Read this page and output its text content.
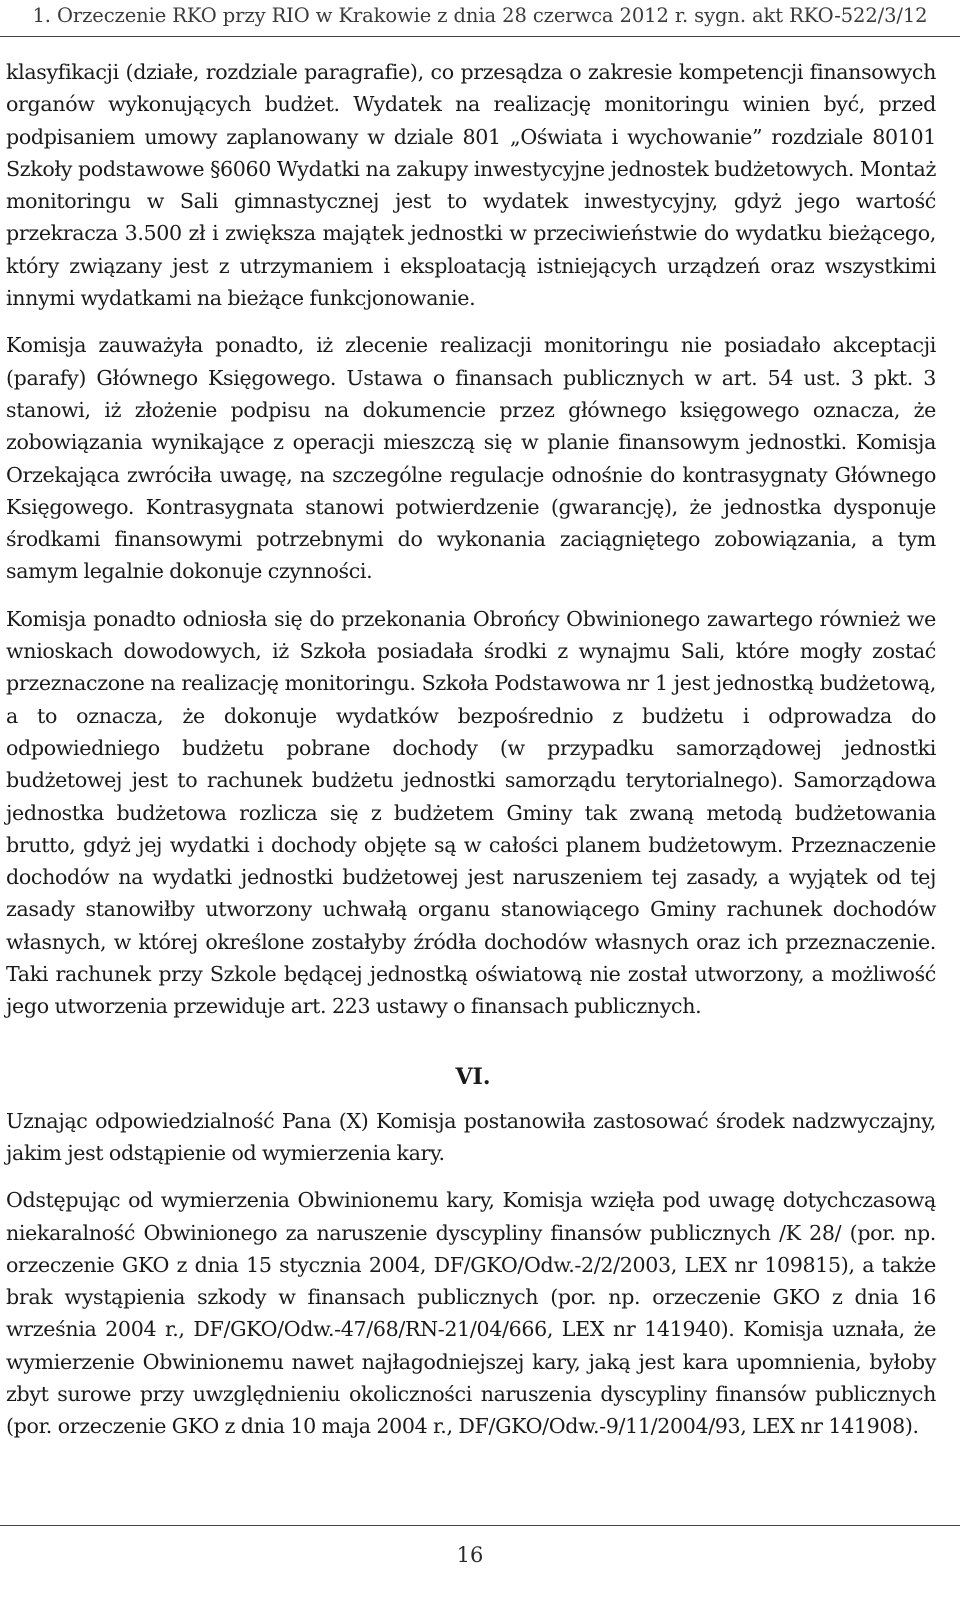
1. Orzeczenie RKO przy RIO w Krakowie z dnia 28 czerwca 2012 r. sygn. akt RKO-522/3/12

klasyfikacji (działe, rozdziale paragrafie), co przesądza o zakresie kompetencji finansowych organów wykonujących budżet. Wydatek na realizację monitoringu winien być, przed podpisaniem umowy zaplanowany w dziale 801 „Oświata i wychowanie” rozdziale 80101 Szkoły podstawowe §6060 Wydatki na zakupy inwestycyjne jednostek budżetowych. Montaż monitoringu w Sali gimnastycznej jest to wydatek inwestycyjny, gdyż jego wartość przekracza 3.500 zł i zwiększa majątek jednostki w przeciwieństwie do wydatku bieżącego, który związany jest z utrzymaniem i eksploatacją istniejących urządzeń oraz wszystkimi innymi wydatkami na bieżące funkcjonowanie.

Komisja zauważyła ponadto, iż zlecenie realizacji monitoringu nie posiadało akceptacji (parafy) Głównego Księgowego. Ustawa o finansach publicznych w art. 54 ust. 3 pkt. 3 stanowi, iż złożenie podpisu na dokumencie przez głównego księgowego oznacza, że zobowiązania wynikające z operacji mieszczą się w planie finansowym jednostki. Komisja Orzekająca zwróciła uwagę, na szczególne regulacje odnośnie do kontrasygnaty Głównego Księgowego. Kontrasygnata stanowi potwierdzenie (gwarancję), że jednostka dysponuje środkami finansowymi potrzebnymi do wykonania zaciągniętego zobowiązania, a tym samym legalnie dokonuje czynności.

Komisja ponadto odniosła się do przekonania Obrońcy Obwinionego zawartego również we wnioskach dowodowych, iż Szkoła posiadała środki z wynajmu Sali, które mogły zostać przeznaczone na realizację monitoringu. Szkoła Podstawowa nr 1 jest jednostką budżetową, a to oznacza, że dokonuje wydatków bezpośrednio z budżetu i odprowadza do odpowiedniego budżetu pobrane dochody (w przypadku samorządowej jednostki budżetowej jest to rachunek budżetu jednostki samorządu terytorialnego). Samorządowa jednostka budżetowa rozlicza się z budżetem Gminy tak zwaną metodą budżetowania brutto, gdyż jej wydatki i dochody objęte są w całości planem budżetowym. Przeznaczenie dochodów na wydatki jednostki budżetowej jest naruszeniem tej zasady, a wyjątek od tej zasady stanowiłby utworzony uchwałą organu stanowiącego Gminy rachunek dochodów własnych, w której określone zostałyby źródła dochodów własnych oraz ich przeznaczenie. Taki rachunek przy Szkole będącej jednostką oświatową nie został utworzony, a możliwość jego utworzenia przewiduje art. 223 ustawy o finansach publicznych.

VI.

Uznając odpowiedzialność Pana (X) Komisja postanowiła zastosować środek nadzwyczajny, jakim jest odstąpienie od wymierzenia kary.

Odstępując od wymierzenia Obwinionemu kary, Komisja wzięła pod uwagę dotychczasową niekaralność Obwinionego za naruszenie dyscypliny finansów publicznych /K 28/ (por. np. orzeczenie GKO z dnia 15 stycznia 2004, DF/GKO/Odw.-2/2/2003, LEX nr 109815), a także brak wystąpienia szkody w finansach publicznych (por. np. orzeczenie GKO z dnia 16 września 2004 r., DF/GKO/Odw.-47/68/RN-21/04/666, LEX nr 141940). Komisja uznała, że wymierzenie Obwinionemu nawet najłagodniejszej kary, jaką jest kara upomnienia, byłoby zbyt surowe przy uwzględnieniu okoliczności naruszenia dyscypliny finansów publicznych (por. orzeczenie GKO z dnia 10 maja 2004 r., DF/GKO/Odw.-9/11/2004/93, LEX nr 141908).

16
